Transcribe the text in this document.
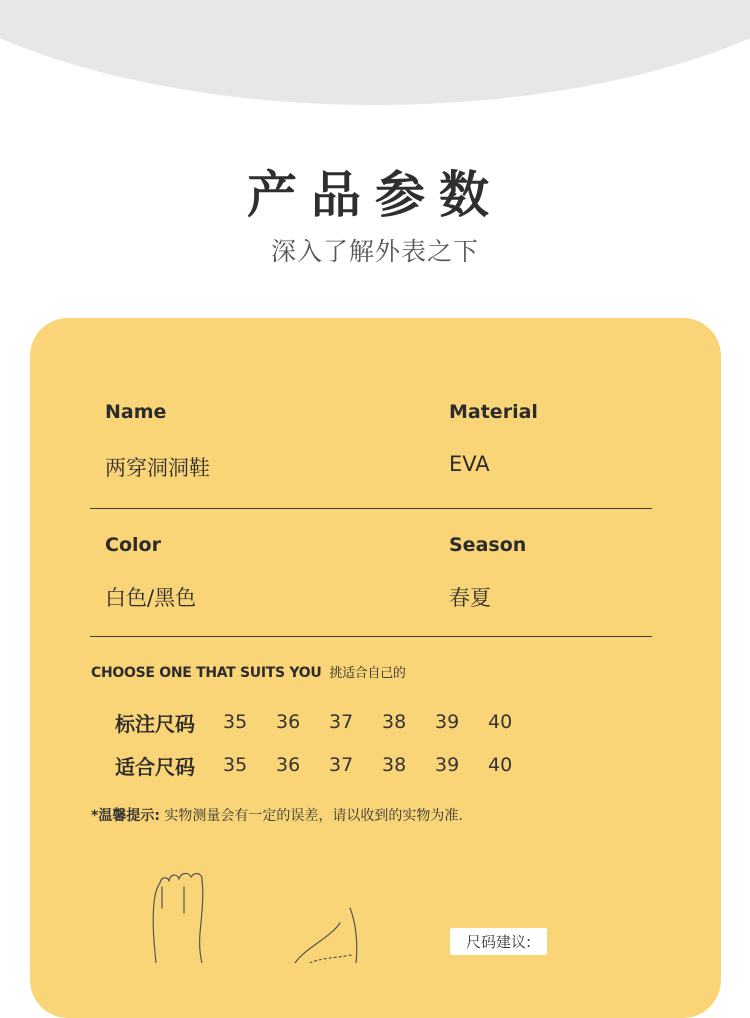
产品参数
深入了解外表之下
Name
两穿洞洞鞋
Material
EVA
Color
白色/黑色
Season
春夏
CHOOSE ONE THAT SUITS YOU 挑适合自己的
标注尺码	35	36	37	38	39	40
适合尺码	35	36	37	38	39	40
*温馨提示: 实物测量会有一定的误差，请以收到的实物为准.
尺码建议:
